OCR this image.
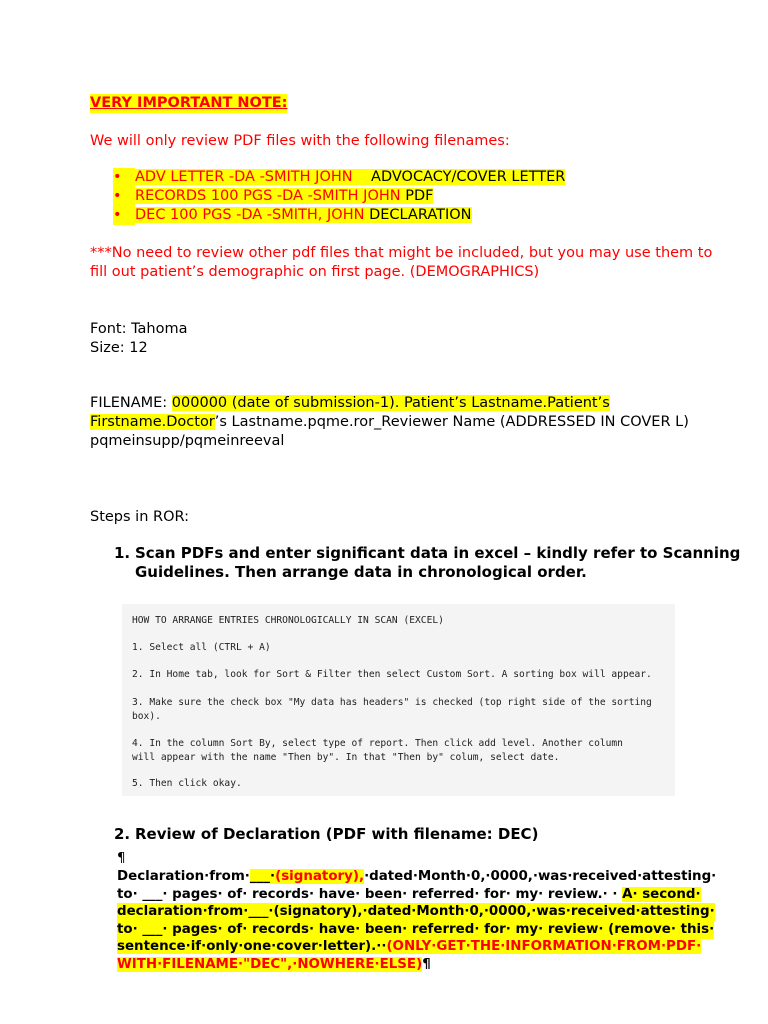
VERY IMPORTANT NOTE:
We will only review PDF files with the following filenames:
• ADV LETTER -DA -SMITH JOHN ADVOCACY/COVER LETTER
• RECORDS 100 PGS -DA -SMITH JOHN PDF
• DEC 100 PGS -DA -SMITH, JOHN DECLARATION
***No need to review other pdf files that might be included, but you may use them to
fill out patient’s demographic on first page. (DEMOGRAPHICS)
Font: Tahoma
Size: 12
FILENAME: 000000 (date of submission-1). Patient’s Lastname.Patient’s
Firstname.Doctor’s Lastname.pqme.ror_Reviewer Name (ADDRESSED IN COVER L)
pqmeinsupp/pqmeinreeval
Steps in ROR:
1. Scan PDFs and enter significant data in excel – kindly refer to Scanning
Guidelines. Then arrange data in chronological order.
HOW TO ARRANGE ENTRIES CHRONOLOGICALLY IN SCAN (EXCEL)
1. Select all (CTRL + A)
2. In Home tab, look for Sort & Filter then select Custom Sort. A sorting box will appear.
3. Make sure the check box "My data has headers" is checked (top right side of the sorting
box).
4. In the column Sort By, select type of report. Then click add level. Another column
will appear with the name "Then by". In that "Then by" colum, select date.
5. Then click okay.
2. Review of Declaration (PDF with filename: DEC)
¶
Declaration·from·___·(signatory),·dated·Month·0,·0000,·was·received·attesting·
to· ___· pages· of· records· have· been· referred· for· my· review.· · A· second·
declaration·from·___·(signatory),·dated·Month·0,·0000,·was·received·attesting·
to· ___· pages· of· records· have· been· referred· for· my· review· (remove· this·
sentence·if·only·one·cover·letter).··(ONLY·GET·THE·INFORMATION·FROM·PDF·
WITH·FILENAME·"DEC",·NOWHERE·ELSE)¶
